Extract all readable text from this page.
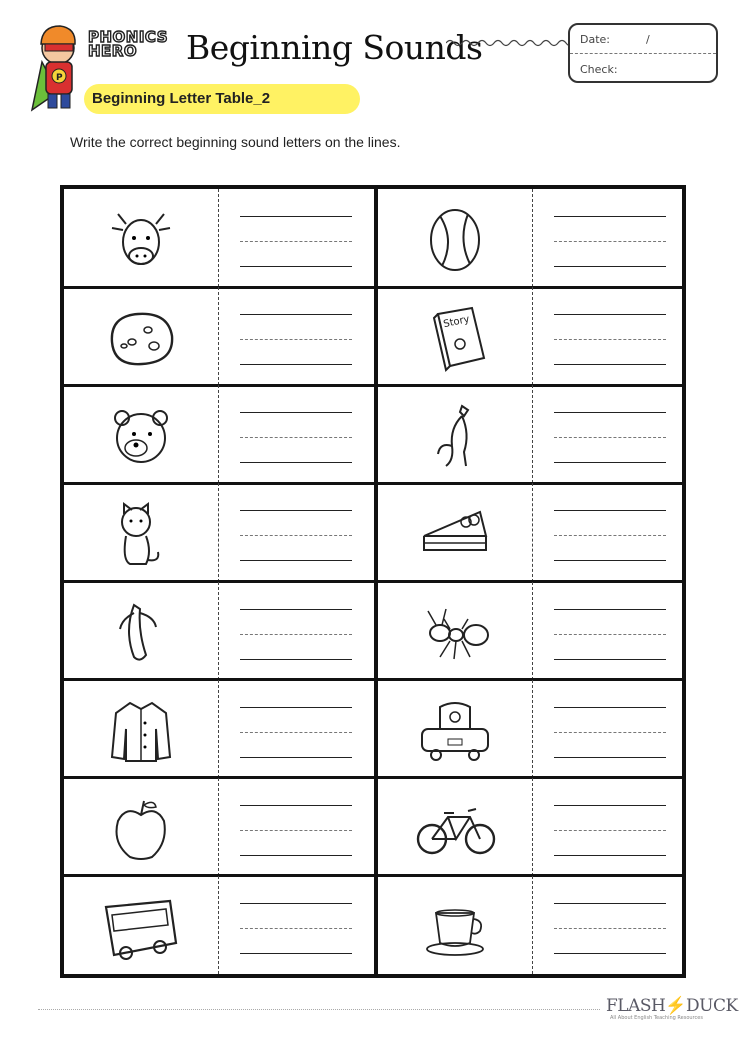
P
PHONICS
HERO	Beginning Sounds	Date:	/
Check:
Beginning Letter Table_2
Write the correct beginning sound letters on the lines.
Story
FLASH⚡DUCK
All About English Teaching Resources
